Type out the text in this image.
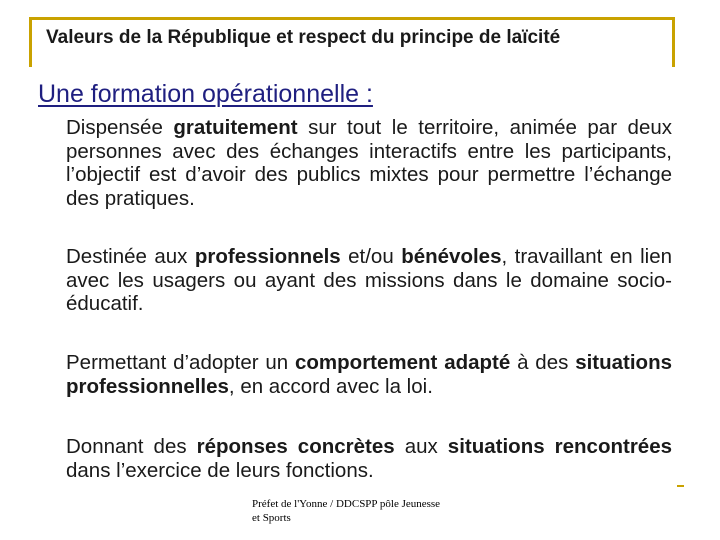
Valeurs de la République et respect du principe de laïcité
Une formation opérationnelle :
Dispensée gratuitement sur tout le territoire, animée par deux personnes avec des échanges interactifs entre les participants, l’objectif est d’avoir des publics mixtes pour permettre l’échange des pratiques.
Destinée aux professionnels et/ou bénévoles, travaillant en lien avec les usagers ou ayant des missions dans le domaine socio-éducatif.
Permettant d’adopter un comportement adapté à des situations professionnelles, en accord avec la loi.
Donnant des réponses concrètes aux situations rencontrées dans l’exercice de leurs fonctions.
Préfet de l'Yonne / DDCSPP pôle Jeunesse
et Sports
